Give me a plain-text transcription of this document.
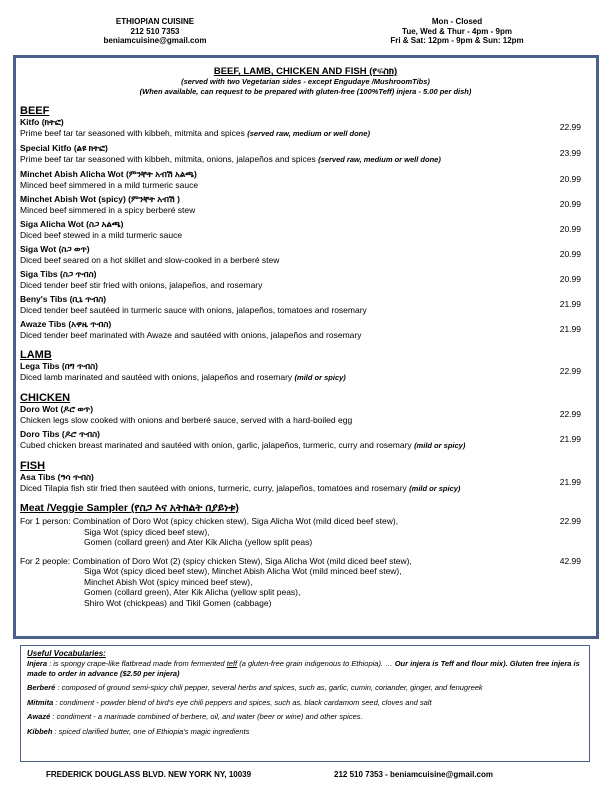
ETHIOPIAN CUISINE
212 510 7353
beniamcuisine@gmail.com
Mon - Closed
Tue, Wed & Thur - 4pm - 9pm
Fri & Sat: 12pm - 9pm & Sun: 12pm
BEEF, LAMB, CHICKEN AND FISH (የፍስክ)
(served with two Vegetarian sides - except Engudaye /MushroomTibs)
(When available, can request to be prepared with gluten-free (100%Teff) injera - 5.00 per dish)
BEEF
Kitfo (ክትፎ)
Prime beef tar tar seasoned with kibbeh, mitmita and spices (served raw, medium or well done)
22.99
Special Kitfo (ልዩ ክትፎ)
Prime beef tar tar seasoned with kibbeh, mitmita, onions, jalapeños and spices (served raw, medium or well done)
23.99
Minchet Abish Alicha Wot (ምንቸት አብሽ አልጫ)
Minced beef simmered in a mild turmeric sauce
20.99
Minchet Abish Wot (spicy) (ምንቸት አብሽ )
Minced beef simmered in a spicy berberé stew
20.99
Siga Alicha Wot (ስጋ አልጫ)
Diced beef stewed in a mild turmeric sauce
20.99
Siga Wot (ስጋ ወጥ)
Diced beef seared on a hot skillet and slow-cooked in a berberé stew
20.99
Siga Tibs (ስጋ ጥብስ)
Diced tender beef stir fried with onions, jalapeños, and rosemary
20.99
Beny's Tibs (ቢኒ ጥብስ)
Diced tender beef sautéed in turmeric sauce with onions, jalapeños, tomatoes and rosemary
21.99
Awaze Tibs (አዋዜ ጥብስ)
Diced tender beef marinated with Awaze and sautéed with onions, jalapeños and rosemary
21.99
LAMB
Lega Tibs (በግ ጥብስ)
Diced lamb marinated and sautéed with onions, jalapeños and rosemary (mild or spicy)
22.99
CHICKEN
Doro Wot (ዶሮ ወጥ)
Chicken legs slow cooked with onions and berberé sauce, served with a hard-boiled egg
22.99
Doro Tibs (ዶሮ ጥብስ)
Cubed chicken breast marinated and sautéed with onion, garlic, jalapeños, turmeric, curry and rosemary (mild or spicy)
21.99
FISH
Asa Tibs (ዓሳ ጥብስ)
Diced Tilapia fish stir fried then sautéed with onions, turmeric, curry, jalapeños, tomatoes and rosemary (mild or spicy)
21.99
Meat /Veggie Sampler (የስጋ እና አትክልት በያይነቱ)
For 1 person: Combination of Doro Wot (spicy chicken stew), Siga Alicha Wot (mild diced beef stew),
Siga Wot (spicy diced beef stew),
Gomen (collard green) and Ater Kik Alicha (yellow split peas)
22.99
For 2 people: Combination of Doro Wot (2) (spicy chicken Stew), Siga Alicha Wot (mild diced beef stew),
Siga Wot (spicy diced beef stew), Minchet Abish Alicha Wot (mild minced beef stew),
Minchet Abish Wot (spicy minced beef stew),
Gomen (collard green), Ater Kik Alicha (yellow split peas),
Shiro Wot (chickpeas) and Tikil Gomen (cabbage)
42.99
Useful Vocabularies:
Injera : is spongy crape-like flatbread made from fermented teff (a gluten-free grain indigenous to Ethiopia). … Our injera is Teff and flour mix). Gluten free injera is made to order in advance ($2.50 per injera)
Berberé : composed of ground semi-spicy chili pepper, several herbs and spices, such as, garlic, cumin, coriander, ginger, and fenugreek
Mitmita : condiment - powder blend of bird's eye chili peppers and spices, such as, black cardamom seed, cloves and salt
Awazé : condiment - a marinade combined of berbere, oil, and water (beer or wine) and other spices.
Kibbeh : spiced clarified butter, one of Ethiopia's magic ingredients
FREDERICK DOUGLASS BLVD. NEW YORK NY, 10039	212 510 7353 - beniamcuisine@gmail.com
